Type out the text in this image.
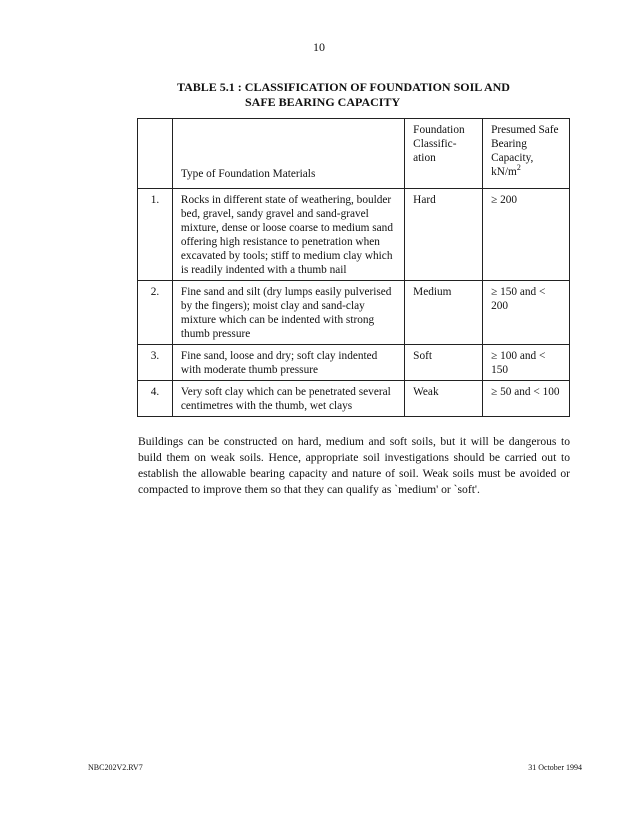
10
TABLE 5.1 : CLASSIFICATION OF FOUNDATION SOIL AND
SAFE BEARING CAPACITY
	Type of Foundation Materials	Foundation Classific-ation	Presumed Safe Bearing Capacity,
$kN/m^2$
1.	Rocks in different state of weathering, boulder bed, gravel, sandy gravel and sand-gravel mixture, dense or loose coarse to medium sand offering high resistance to penetration when excavated by tools; stiff to medium clay which is readily indented with a thumb nail	Hard	≥ 200
2.	Fine sand and silt (dry lumps easily pulverised by the fingers); moist clay and sand-clay mixture which can be indented with strong thumb pressure	Medium	≥ 150 and < 200
3.	Fine sand, loose and dry; soft clay indented with moderate thumb pressure	Soft	≥ 100 and < 150
4.	Very soft clay which can be penetrated several centimetres with the thumb, wet clays	Weak	≥ 50 and < 100

Buildings can be constructed on hard, medium and soft soils, but it will be dangerous to build them on weak soils. Hence, appropriate soil investigations should be carried out to establish the allowable bearing capacity and nature of soil. Weak soils must be avoided or compacted to improve them so that they can qualify as `medium' or `soft'.

NBC202V2.RV7	31 October 1994
